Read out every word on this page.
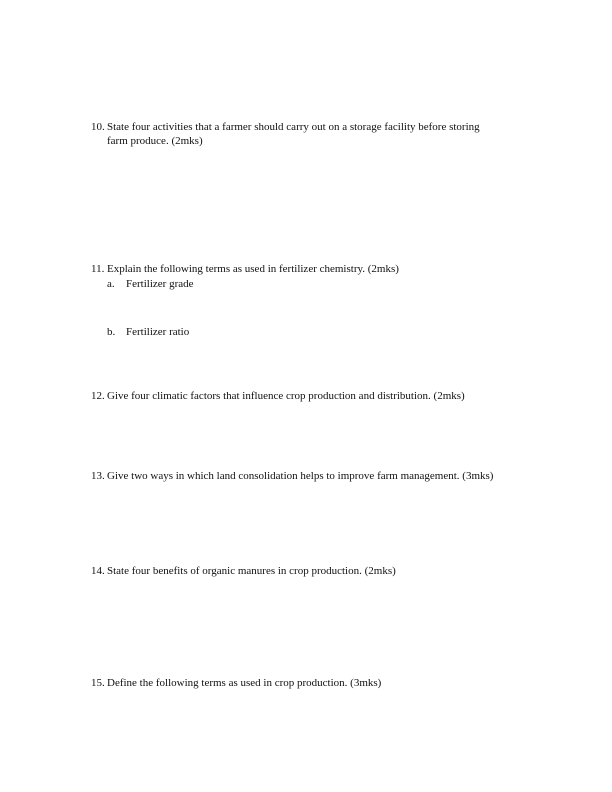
10. State four activities that a farmer should carry out on a storage facility before storing
farm produce. (2mks)
11. Explain the following terms as used in fertilizer chemistry. (2mks)
a. Fertilizer grade
b. Fertilizer ratio
12. Give four climatic factors that influence crop production and distribution. (2mks)
13. Give two ways in which land consolidation helps to improve farm management. (3mks)
14. State four benefits of organic manures in crop production. (2mks)
15. Define the following terms as used in crop production. (3mks)
